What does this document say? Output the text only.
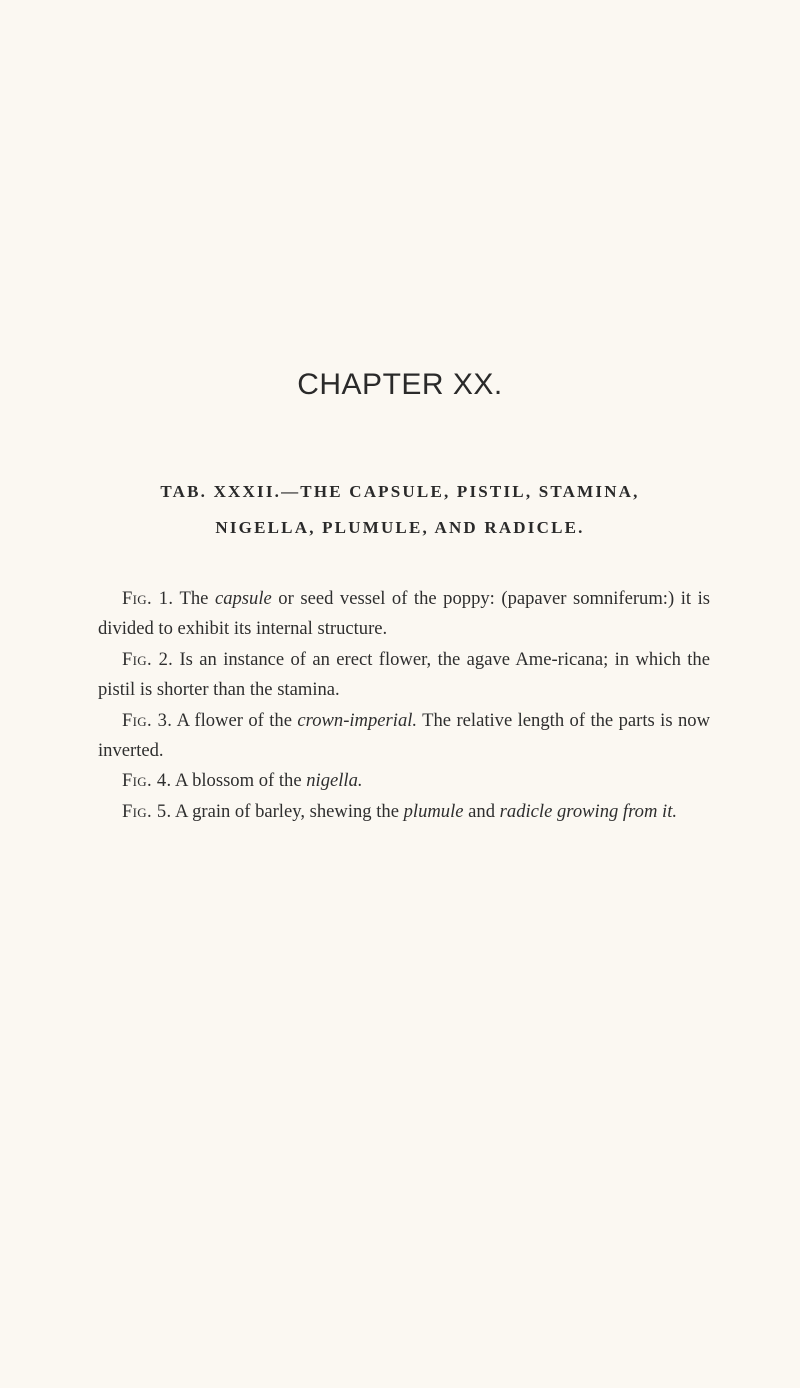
CHAPTER XX.
TAB. XXXII.—THE CAPSULE, PISTIL, STAMINA,
NIGELLA, PLUMULE, AND RADICLE.

Fig. 1. The capsule or seed vessel of the poppy: (papaver somniferum:) it is divided to exhibit its internal structure.

Fig. 2. Is an instance of an erect flower, the agave Ame-ricana; in which the pistil is shorter than the stamina.

Fig. 3. A flower of the crown-imperial. The relative length of the parts is now inverted.

Fig. 4. A blossom of the nigella.

Fig. 5. A grain of barley, shewing the plumule and radicle growing from it.
